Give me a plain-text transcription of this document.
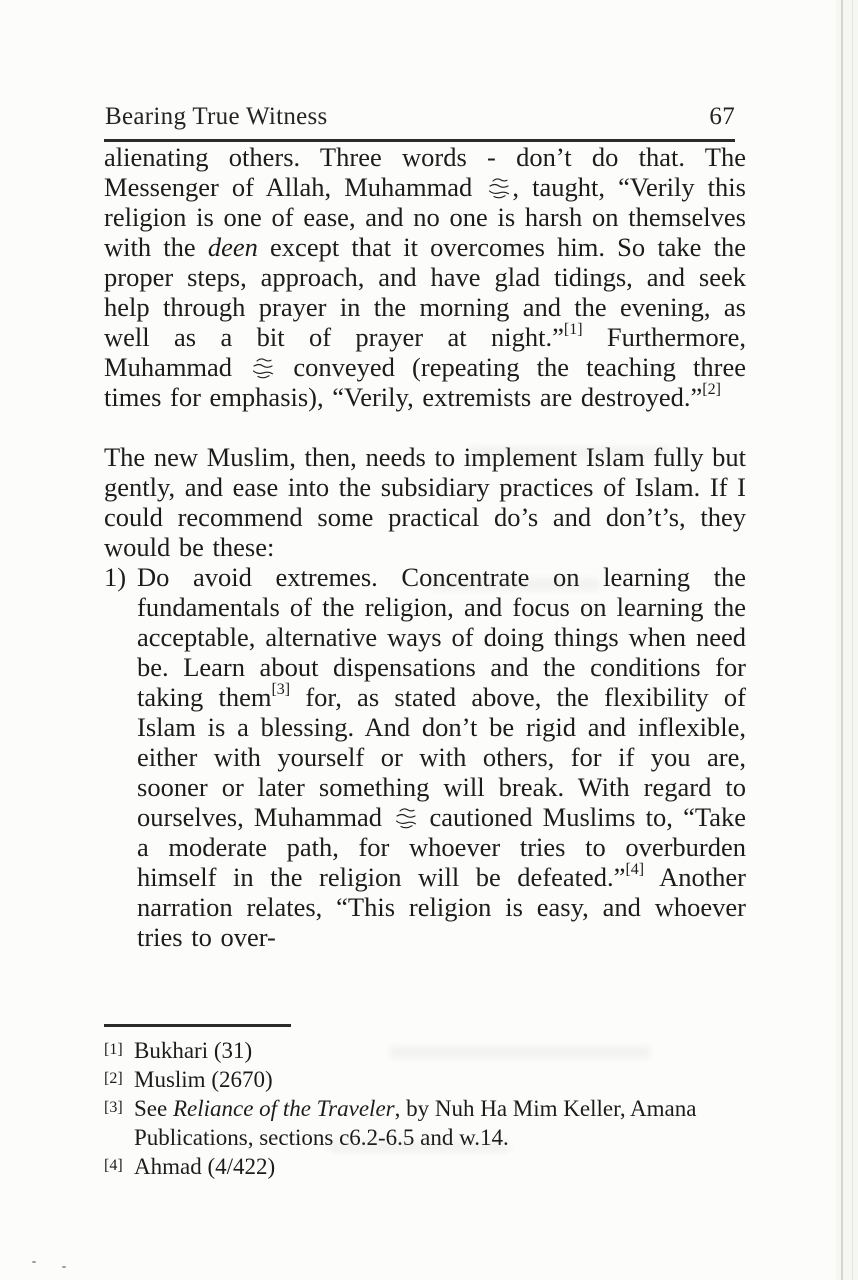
Bearing True Witness	67
alienating others. Three words - don’t do that. The Messenger of Allah, Muhammad , taught, “Verily this religion is one of ease, and no one is harsh on themselves with the deen except that it overcomes him. So take the proper steps, approach, and have glad tidings, and seek help through prayer in the morning and the evening, as well as a bit of prayer at night.”[1] Furthermore, Muhammad  conveyed (repeating the teaching three times for emphasis), “Verily, extremists are destroyed.”[2]
The new Muslim, then, needs to implement Islam fully but gently, and ease into the subsidiary practices of Islam. If I could recommend some practical do’s and don’t’s, they would be these:
1) Do avoid extremes. Concentrate on learning the fundamentals of the religion, and focus on learning the acceptable, alternative ways of doing things when need be. Learn about dispensations and the conditions for taking them[3] for, as stated above, the flexibility of Islam is a blessing. And don’t be rigid and inflexible, either with yourself or with others, for if you are, sooner or later something will break. With regard to ourselves, Muhammad  cautioned Muslims to, “Take a moderate path, for whoever tries to overburden himself in the religion will be defeated.”[4] Another narration relates, “This religion is easy, and whoever tries to over-
[1] Bukhari (31)
[2] Muslim (2670)
[3] See Reliance of the Traveler, by Nuh Ha Mim Keller, Amana Publications, sections c6.2-6.5 and w.14.
[4] Ahmad (4/422)
